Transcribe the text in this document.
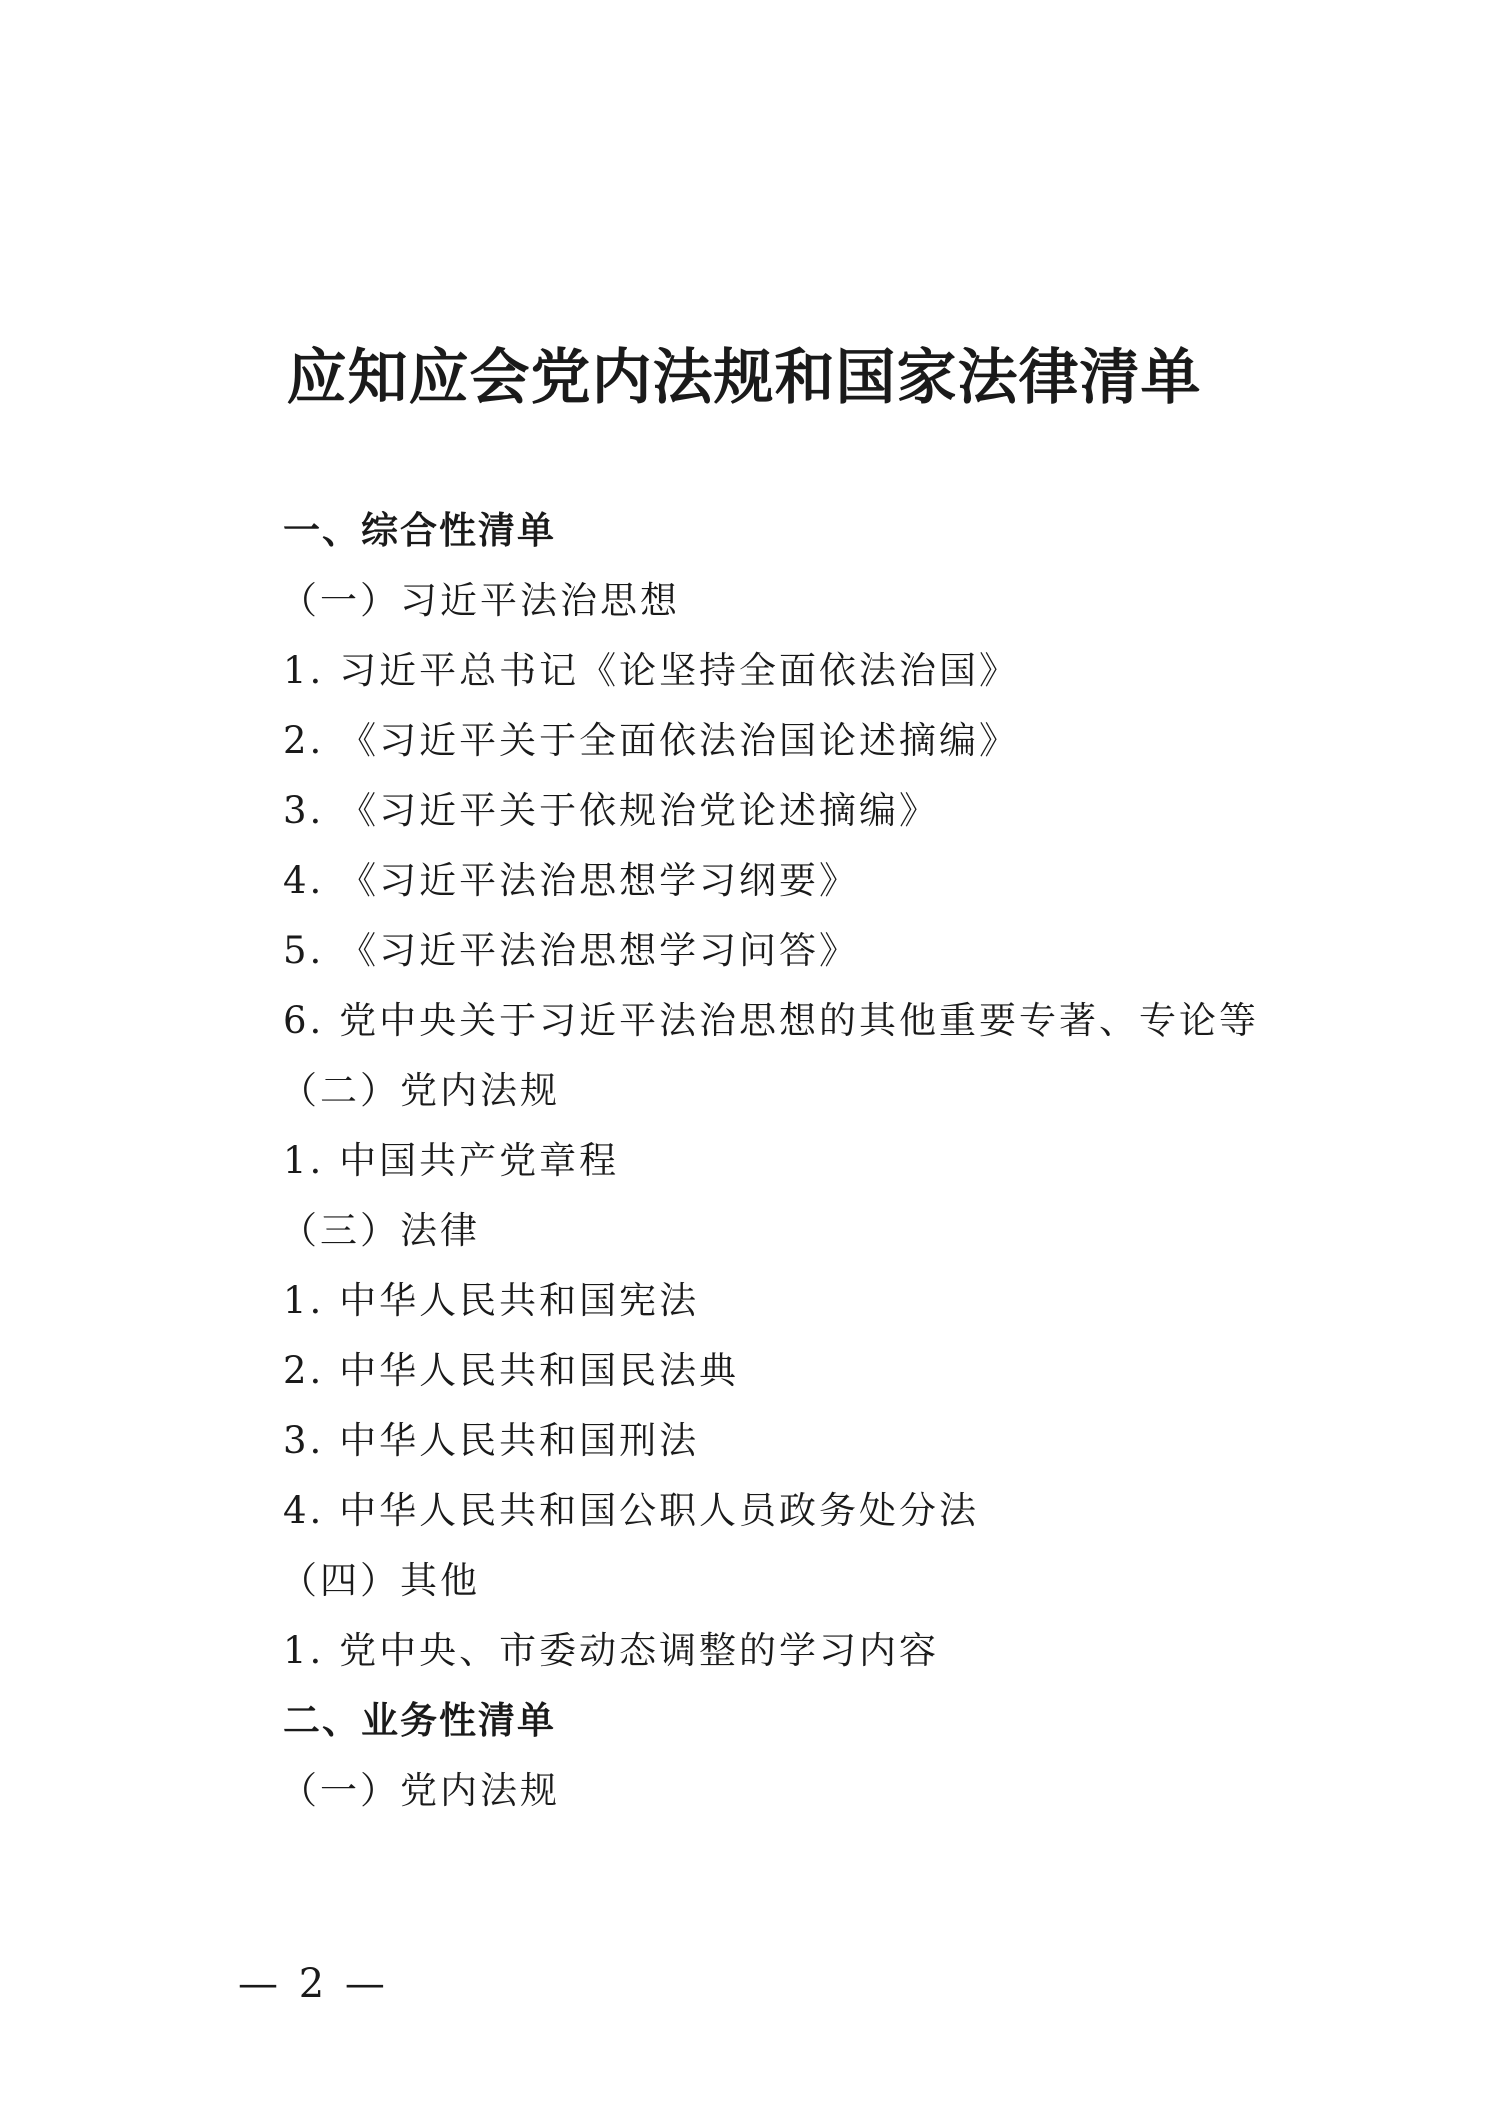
应知应会党内法规和国家法律清单
一、综合性清单
（一）习近平法治思想
1. 习近平总书记《论坚持全面依法治国》
2. 《习近平关于全面依法治国论述摘编》
3. 《习近平关于依规治党论述摘编》
4. 《习近平法治思想学习纲要》
5. 《习近平法治思想学习问答》
6. 党中央关于习近平法治思想的其他重要专著、专论等
（二）党内法规
1. 中国共产党章程
（三）法律
1. 中华人民共和国宪法
2. 中华人民共和国民法典
3. 中华人民共和国刑法
4. 中华人民共和国公职人员政务处分法
（四）其他
1. 党中央、市委动态调整的学习内容
二、业务性清单
（一）党内法规
— 2 —
